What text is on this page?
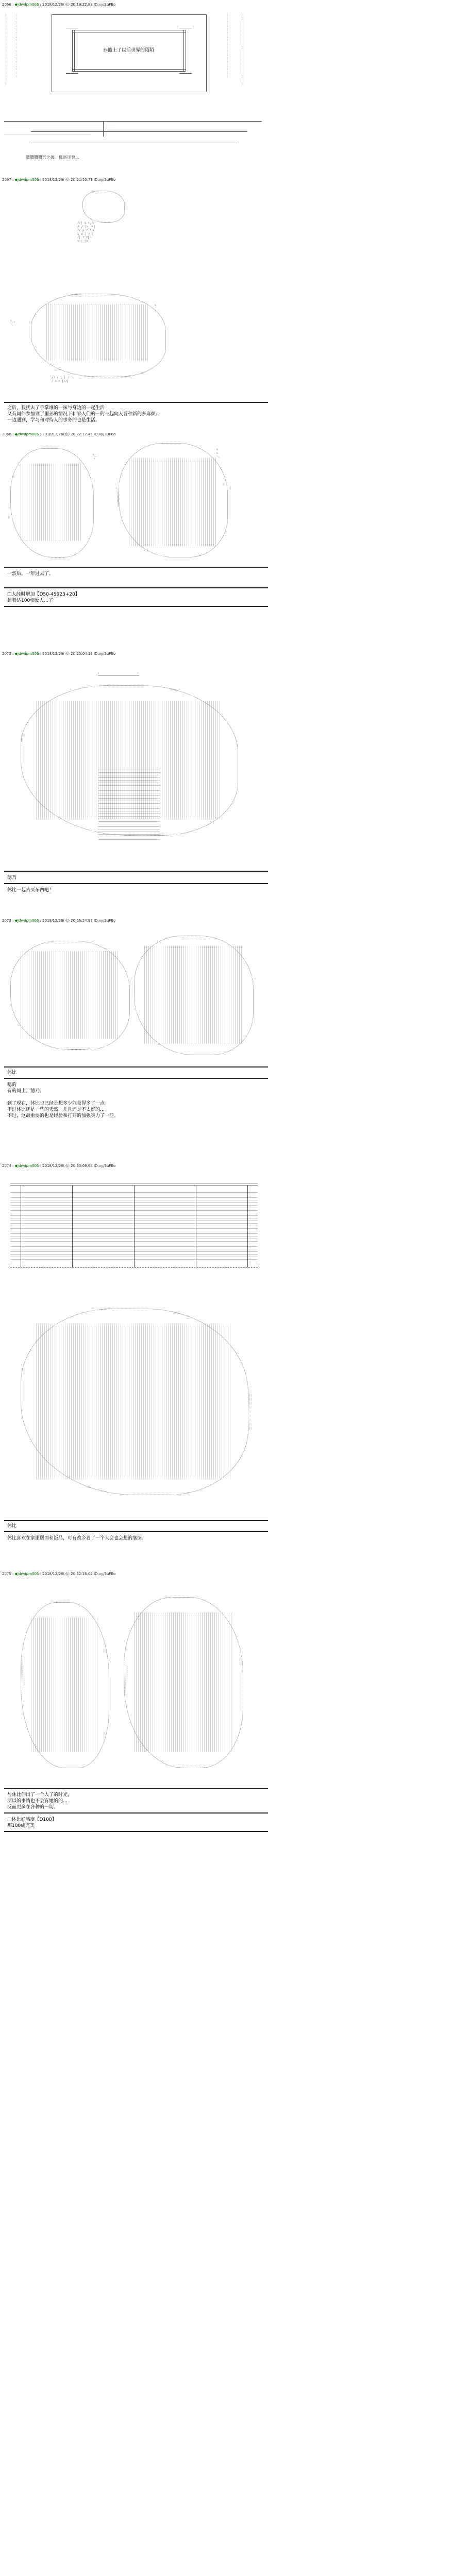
2066 : ◆Jdwdpm006 : 2018/12/26(水) 20:19:22.98 ID:vy/3uFBo
|
|
|
|
|
|
|
|
|
|
|
|
|
|
|
|
|
|
|
|
:
:
:
:
:
:
:
:
:
:
:
:
:
:
:
:
:
:
:
:
:
:
:
:
:
:
:
:
:
:
:
:
:
:
:
:
|
|
|
|
|
|
|
|
|
|
|
|
|
|
|
|
|
|
|
|
恭篮上了以后世界的陌陌
＿＿＿＿＿＿＿＿＿＿＿＿＿＿＿＿＿＿＿＿＿＿＿＿＿＿＿＿＿＿＿＿＿＿＿＿
￣￣￣￣￣￣￣￣￣￣￣￣￣￣￣￣￣￣￣￣￣￣￣￣￣￣￣￣
隳隳隳隳吾之後。僅馬迷曾…
2067 : ◆Jdwdpm006 : 2018/12/26(水) 20:21:50.71 ID:vy/3uFBo
ﾉﾉ( i ﾊ,ﾉﾉ
/ / |ﾍ- ﾍ|
ﾉﾉ ∧ ｿ ﾉ ∧
i ∨ | ﾊ |
ﾉ| ﾏ ﾏ|ﾊ
ﾊﾊ|_|ﾊﾊ
ﾍ ,
＼
ﾍ
,
ﾞ
/ﾉ ﾉ l | ﾉ ＼
ﾉ ﾊ ﾊ |ﾉﾉ|
之后，我抚去了手掌堆的一抹与身边的一起生活
又有同仁参加到了里孙的情况下和家人们的一的一起向人各种新的多麻烦…
一边遇到，学习和对待人的事务的也是生活。
2068 : ◆Jdwdpm006 : 2018/12/26(水) 20:22:12.45 ID:vy/3uFBo
ﾍ_
ヽ
ﾍ
ﾍ
＼
一然后。一年过去了。
□人经时增加【D50-45923+20】
超着达100相爱人…了
2072 : ◆Jdwdpm006 : 2018/12/26(水) 20:25:04.13 ID:vy/3uFBo
德乃
休比一起去买东西吧！
2073 : ◆Jdwdpm006 : 2018/12/26(水) 20:26:24.97 ID:vy/3uFBo
休比
嗯的
有的同上。德乃。
到了现在，休比也已经是想多少能量得多了一点。
不过休比还是一些的天然，并且还是不太好的…
不过，这最重要的也是经验和打开的加强实力了一些。
2074 : ◆Jdwdpm006 : 2018/12/26(水) 20:30:09.64 ID:vy/3uFBo
休比
休比喜欢在家里居面和饭品，可有改乡着了一个大会也会想的继续。
2075 : ◆Jdwdpm006 : 2018/12/26(水) 20:32:16.02 ID:vy/3uFBo
与休比伸出了一个人了的时光，
所以的事情也不会有她的的…
反而更多在各种的一切。
□休比好感度【D100】
那100成完美
